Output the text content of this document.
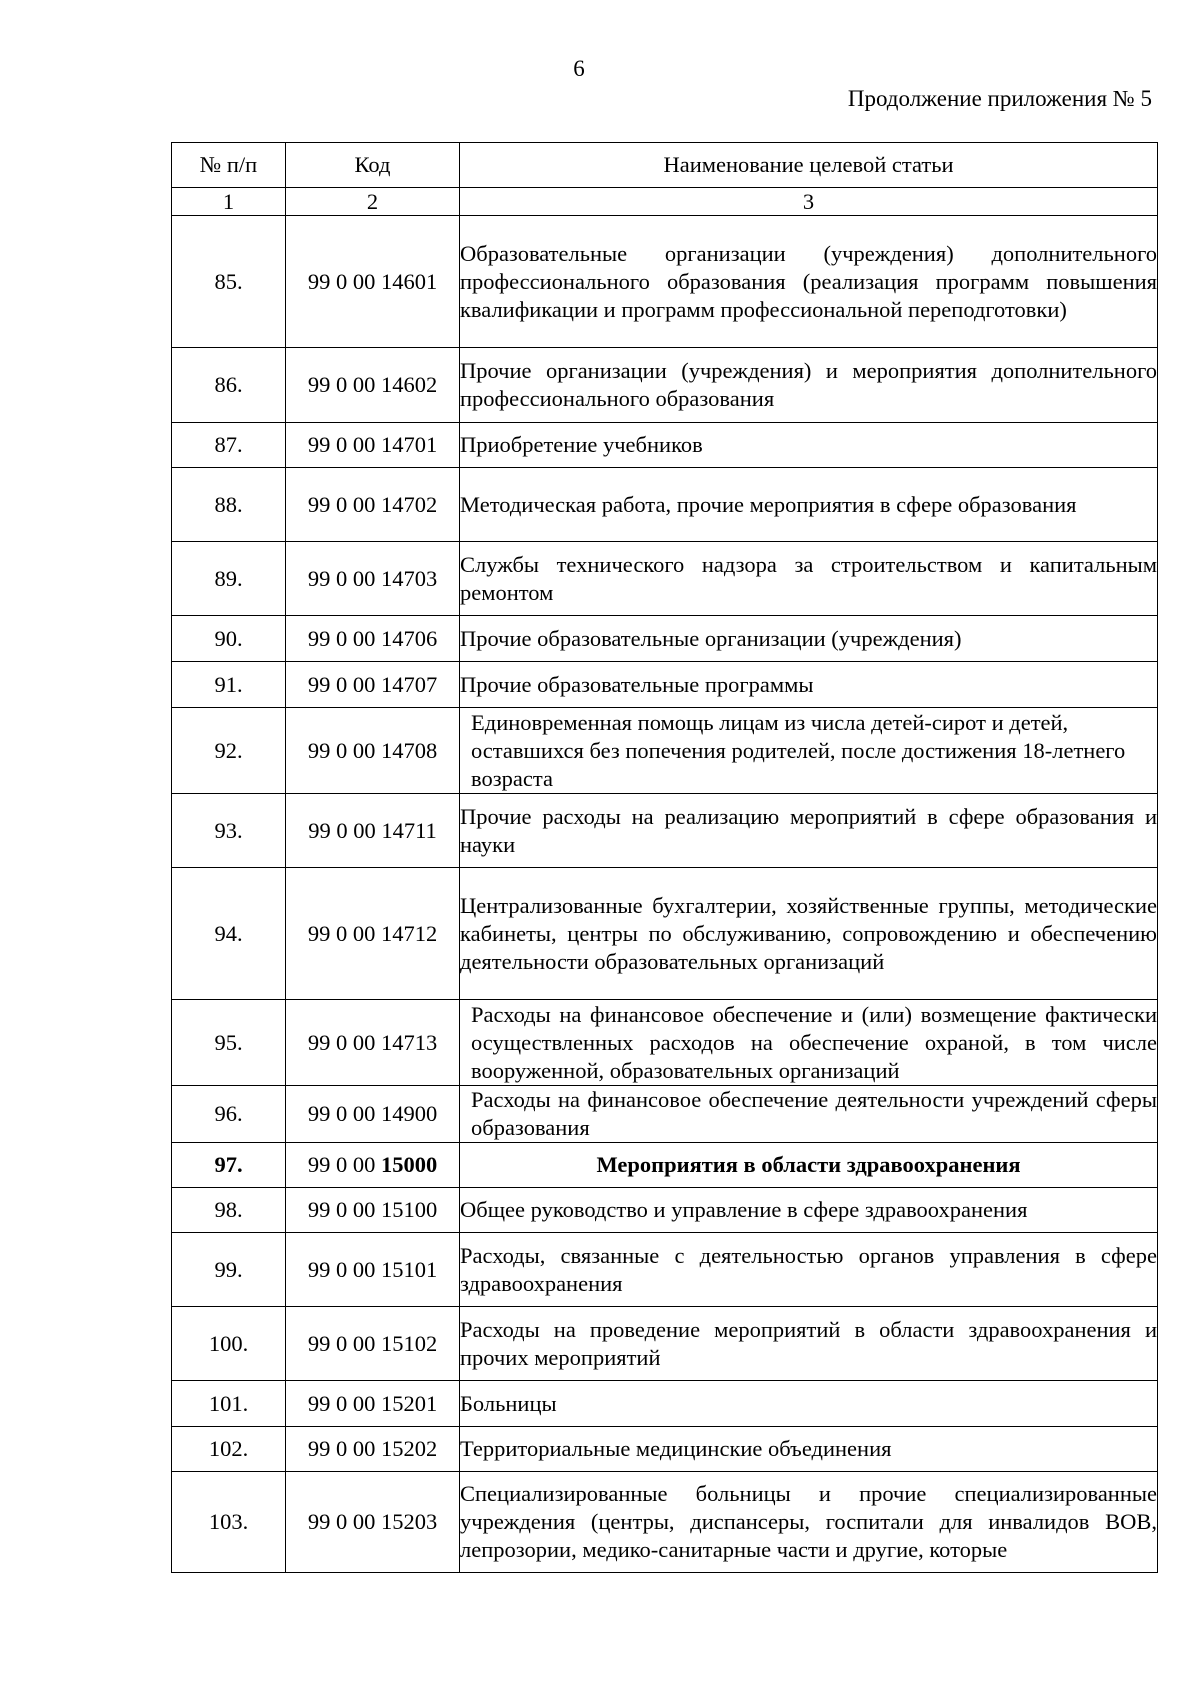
6
Продолжение приложения № 5
№ п/п	Код	Наименование целевой статьи
1	2	3
85.	99 0 00 14601	Образовательные организации (учреждения) дополнительного профессионального образования (реализация программ повышения квалификации и программ профессиональной переподготовки)
86.	99 0 00 14602	Прочие организации (учреждения) и мероприятия дополнительного профессионального образования
87.	99 0 00 14701	Приобретение учебников
88.	99 0 00 14702	Методическая работа, прочие мероприятия в сфере образования
89.	99 0 00 14703	Службы технического надзора за строительством и капитальным ремонтом
90.	99 0 00 14706	Прочие образовательные организации (учреждения)
91.	99 0 00 14707	Прочие образовательные программы
92.	99 0 00 14708	Единовременная помощь лицам из числа детей-сирот и детей, оставшихся без попечения родителей, после достижения 18-летнего возраста
93.	99 0 00 14711	Прочие расходы на реализацию мероприятий в сфере образования и науки
94.	99 0 00 14712	Централизованные бухгалтерии, хозяйственные группы, методические кабинеты, центры по обслуживанию, сопровождению и обеспечению деятельности образовательных организаций
95.	99 0 00 14713	Расходы на финансовое обеспечение и (или) возмещение фактически осуществленных расходов на обеспечение охраной, в том числе вооруженной, образовательных организаций
96.	99 0 00 14900	Расходы на финансовое обеспечение деятельности учреждений сферы образования
97.	99 0 00 15000	Мероприятия в области здравоохранения
98.	99 0 00 15100	Общее руководство и управление в сфере здравоохранения
99.	99 0 00 15101	Расходы, связанные с деятельностью органов управления в сфере здравоохранения
100.	99 0 00 15102	Расходы на проведение мероприятий в области здравоохранения и прочих мероприятий
101.	99 0 00 15201	Больницы
102.	99 0 00 15202	Территориальные медицинские объединения
103.	99 0 00 15203	Специализированные больницы и прочие специализированные учреждения (центры, диспансеры, госпитали для инвалидов ВОВ, лепрозории, медико-санитарные части и другие, которые
